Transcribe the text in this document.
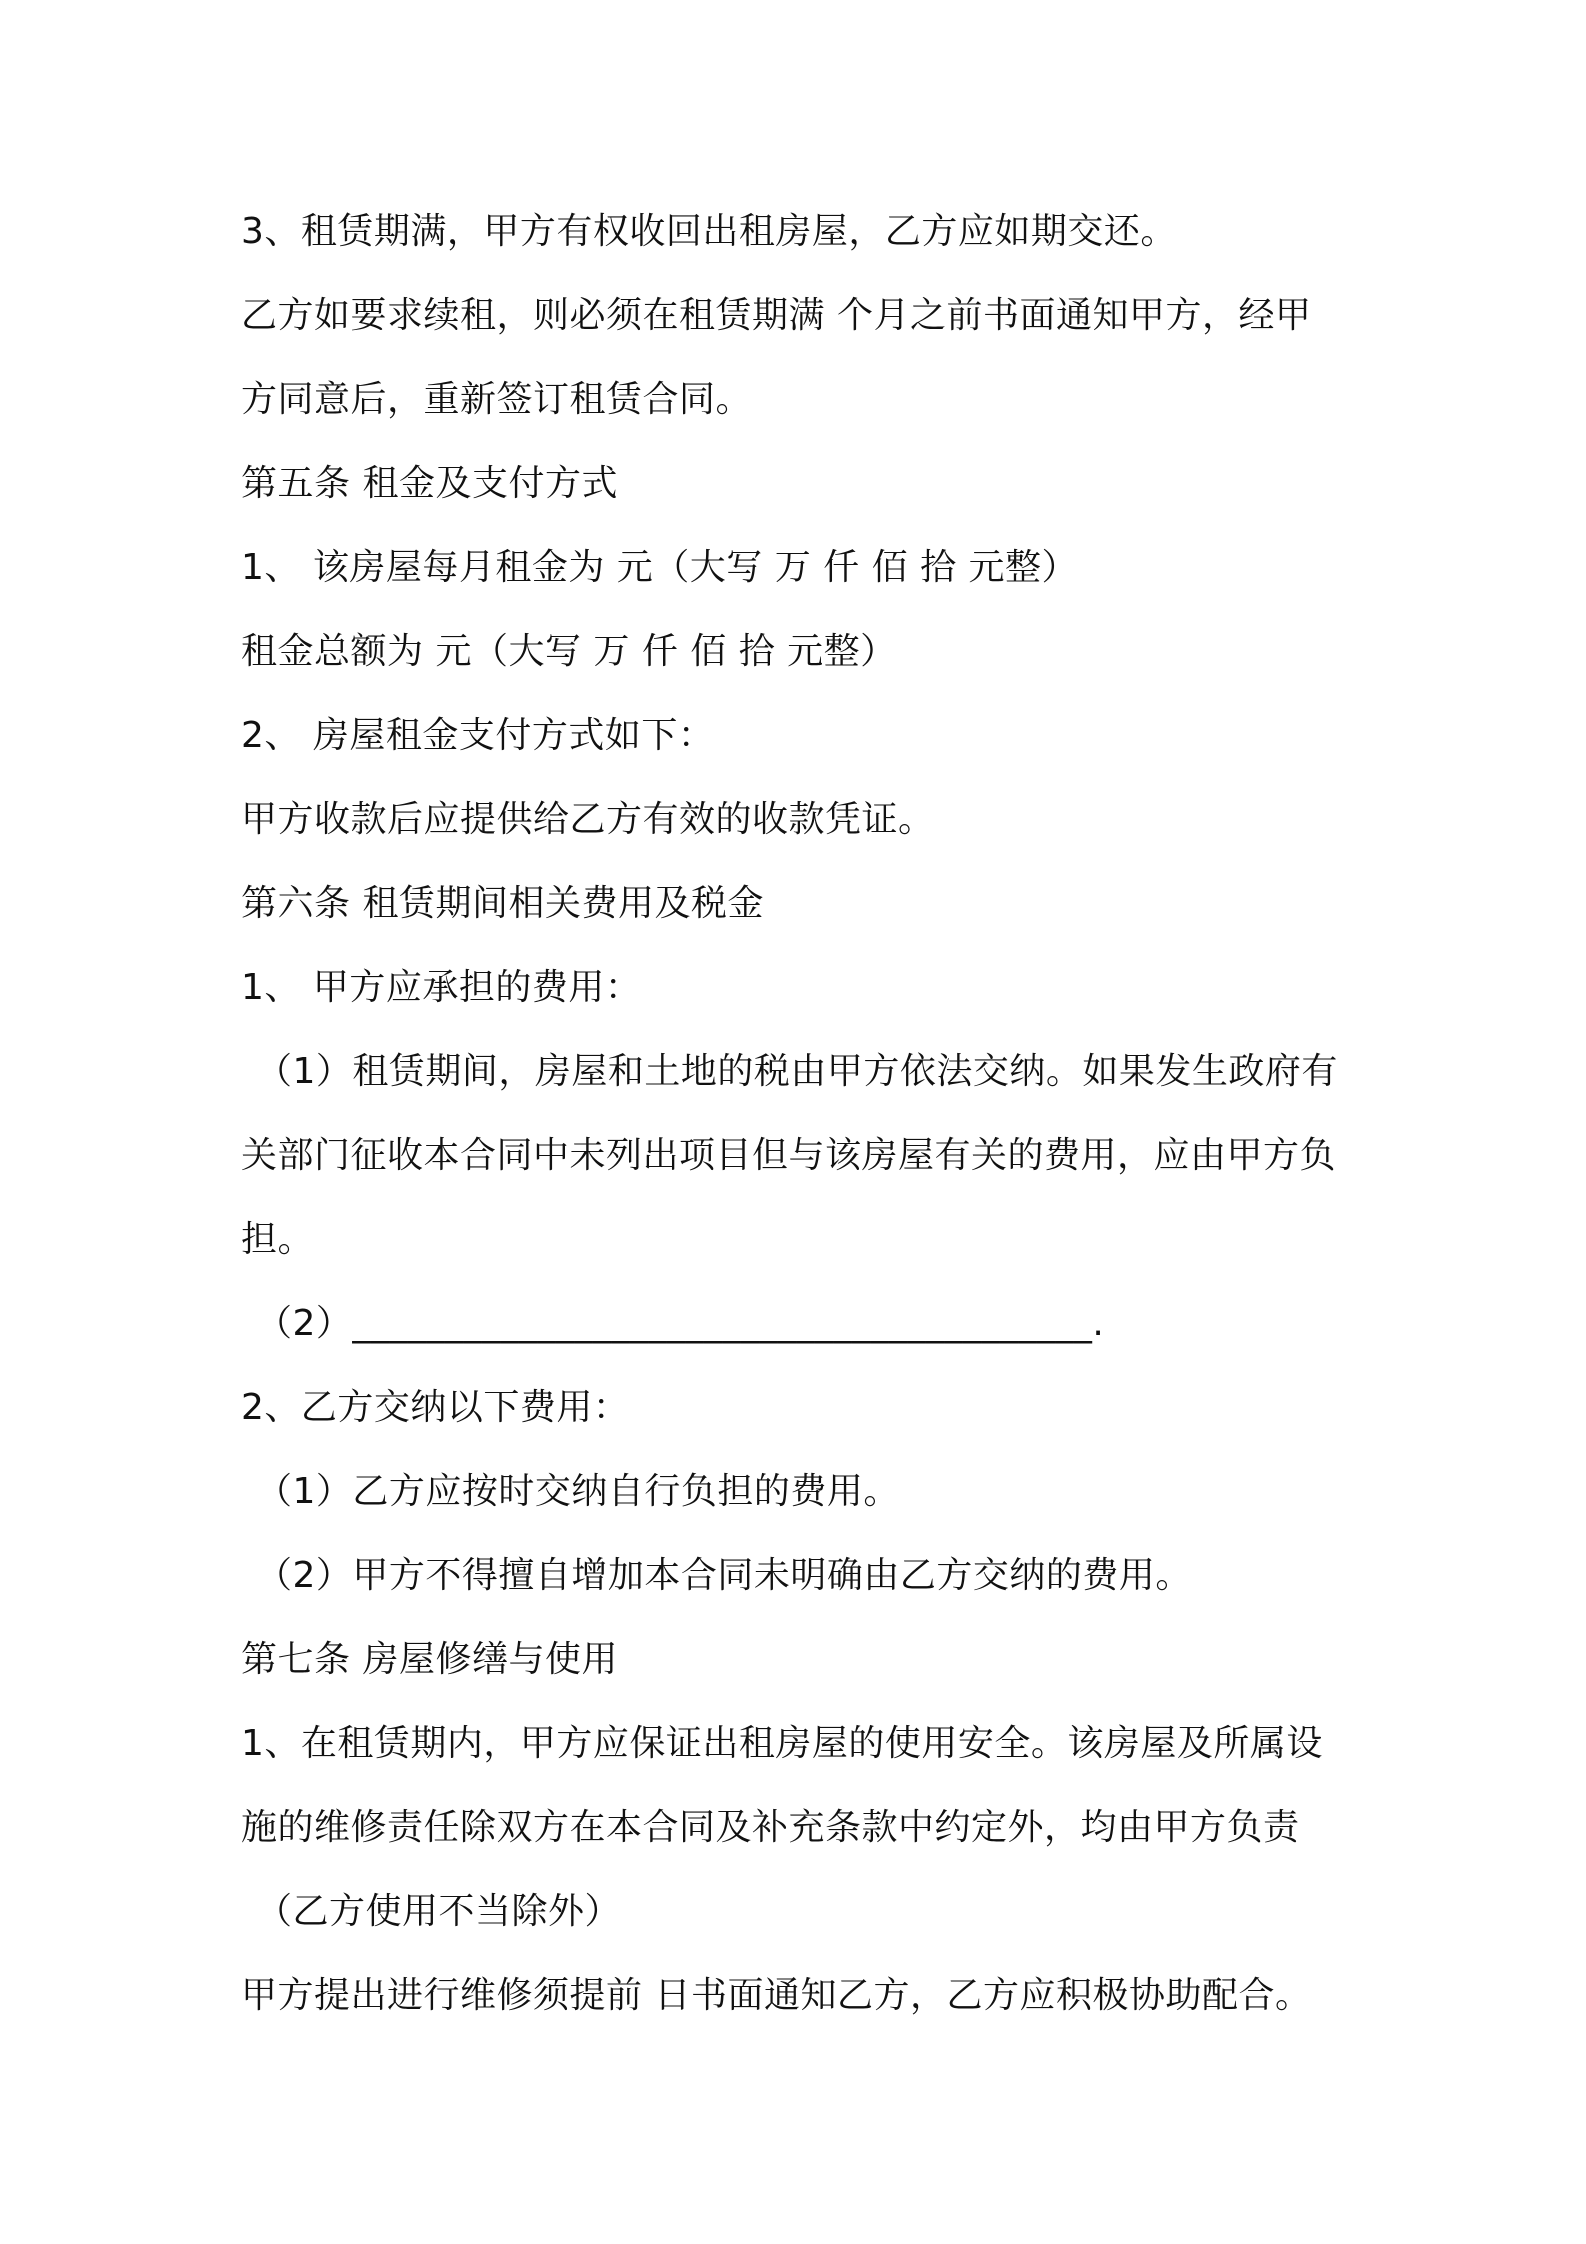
3、租赁期满，甲方有权收回出租房屋，乙方应如期交还。
乙方如要求续租，则必须在租赁期满 个月之前书面通知甲方，经甲
方同意后，重新签订租赁合同。
第五条 租金及支付方式
1、 该房屋每月租金为 元（大写 万 仟 佰 拾 元整）
租金总额为 元（大写 万 仟 佰 拾 元整）
2、 房屋租金支付方式如下：
甲方收款后应提供给乙方有效的收款凭证。
第六条 租赁期间相关费用及税金
1、 甲方应承担的费用：
（1）租赁期间，房屋和土地的税由甲方依法交纳。如果发生政府有
关部门征收本合同中未列出项目但与该房屋有关的费用，应由甲方负
担。
（2）________________________________________.
2、乙方交纳以下费用：
（1）乙方应按时交纳自行负担的费用。
（2）甲方不得擅自增加本合同未明确由乙方交纳的费用。
第七条 房屋修缮与使用
1、在租赁期内，甲方应保证出租房屋的使用安全。该房屋及所属设
施的维修责任除双方在本合同及补充条款中约定外，均由甲方负责
（乙方使用不当除外）
甲方提出进行维修须提前 日书面通知乙方，乙方应积极协助配合。
